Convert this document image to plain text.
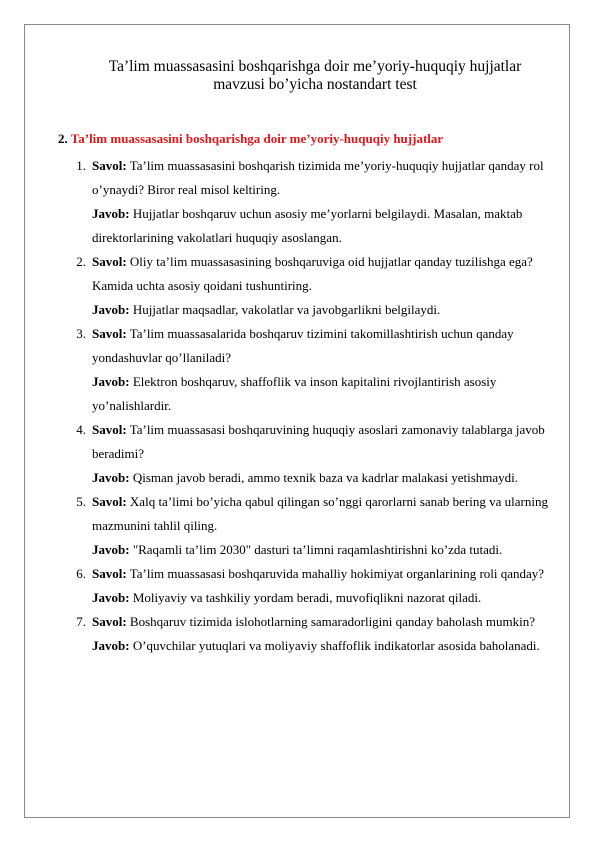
Ta’lim muassasasini boshqarishga doir me’yoriy-huquqiy hujjatlar
mavzusi bo’yicha nostandart test
2. Ta’lim muassasasini boshqarishga doir me’yoriy-huquqiy hujjatlar
1. Savol: Ta’lim muassasasini boshqarish tizimida me’yoriy-huquqiy hujjatlar qanday rol o’ynaydi? Biror real misol keltiring.
Javob: Hujjatlar boshqaruv uchun asosiy me’yorlarni belgilaydi. Masalan, maktab direktorlarining vakolatlari huquqiy asoslangan.
2. Savol: Oliy ta’lim muassasasining boshqaruviga oid hujjatlar qanday tuzilishga ega? Kamida uchta asosiy qoidani tushuntiring.
Javob: Hujjatlar maqsadlar, vakolatlar va javobgarlikni belgilaydi.
3. Savol: Ta’lim muassasalarida boshqaruv tizimini takomillashtirish uchun qanday yondashuvlar qo’llaniladi?
Javob: Elektron boshqaruv, shaffoflik va inson kapitalini rivojlantirish asosiy yo’nalishlardir.
4. Savol: Ta’lim muassasasi boshqaruvining huquqiy asoslari zamonaviy talablarga javob beradimi?
Javob: Qisman javob beradi, ammo texnik baza va kadrlar malakasi yetishmaydi.
5. Savol: Xalq ta’limi bo’yicha qabul qilingan so’nggi qarorlarni sanab bering va ularning mazmunini tahlil qiling.
Javob: "Raqamli ta’lim 2030" dasturi ta’limni raqamlashtirishni ko’zda tutadi.
6. Savol: Ta’lim muassasasi boshqaruvida mahalliy hokimiyat organlarining roli qanday?
Javob: Moliyaviy va tashkiliy yordam beradi, muvofiqlikni nazorat qiladi.
7. Savol: Boshqaruv tizimida islohotlarning samaradorligini qanday baholash mumkin?
Javob: O’quvchilar yutuqlari va moliyaviy shaffoflik indikatorlar asosida baholanadi.
